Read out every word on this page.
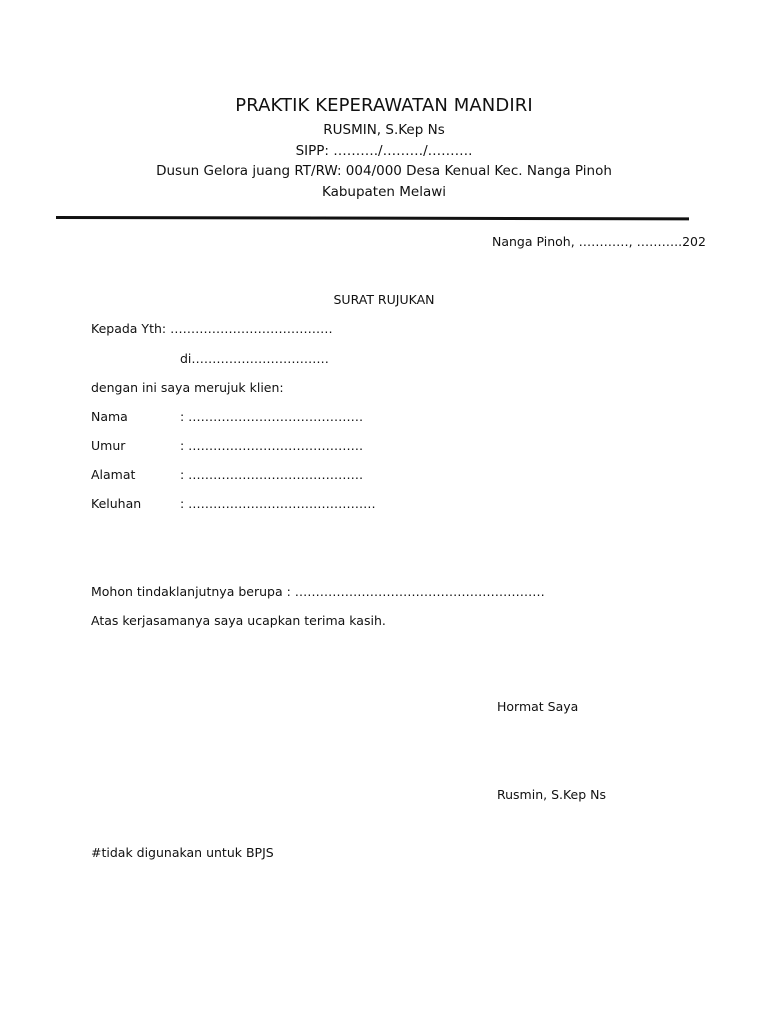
PRAKTIK KEPERAWATAN MANDIRI
RUSMIN, S.Kep Ns
SIPP: ………./………/……….
Dusun Gelora juang RT/RW: 004/000 Desa Kenual Kec. Nanga Pinoh
Kabupaten Melawi
Nanga Pinoh, …………, ………..202
SURAT RUJUKAN
Kepada Yth: …………………………………
di……………………………
dengan ini saya merujuk klien:
Nama	: ……………………………………
Umur	: ……………………………………
Alamat	: ……………………………………
Keluhan	: ………………………………………
Mohon tindaklanjutnya berupa : ……………………………………………………
Atas kerjasamanya saya ucapkan terima kasih.
Hormat Saya
Rusmin, S.Kep Ns
#tidak digunakan untuk BPJS
